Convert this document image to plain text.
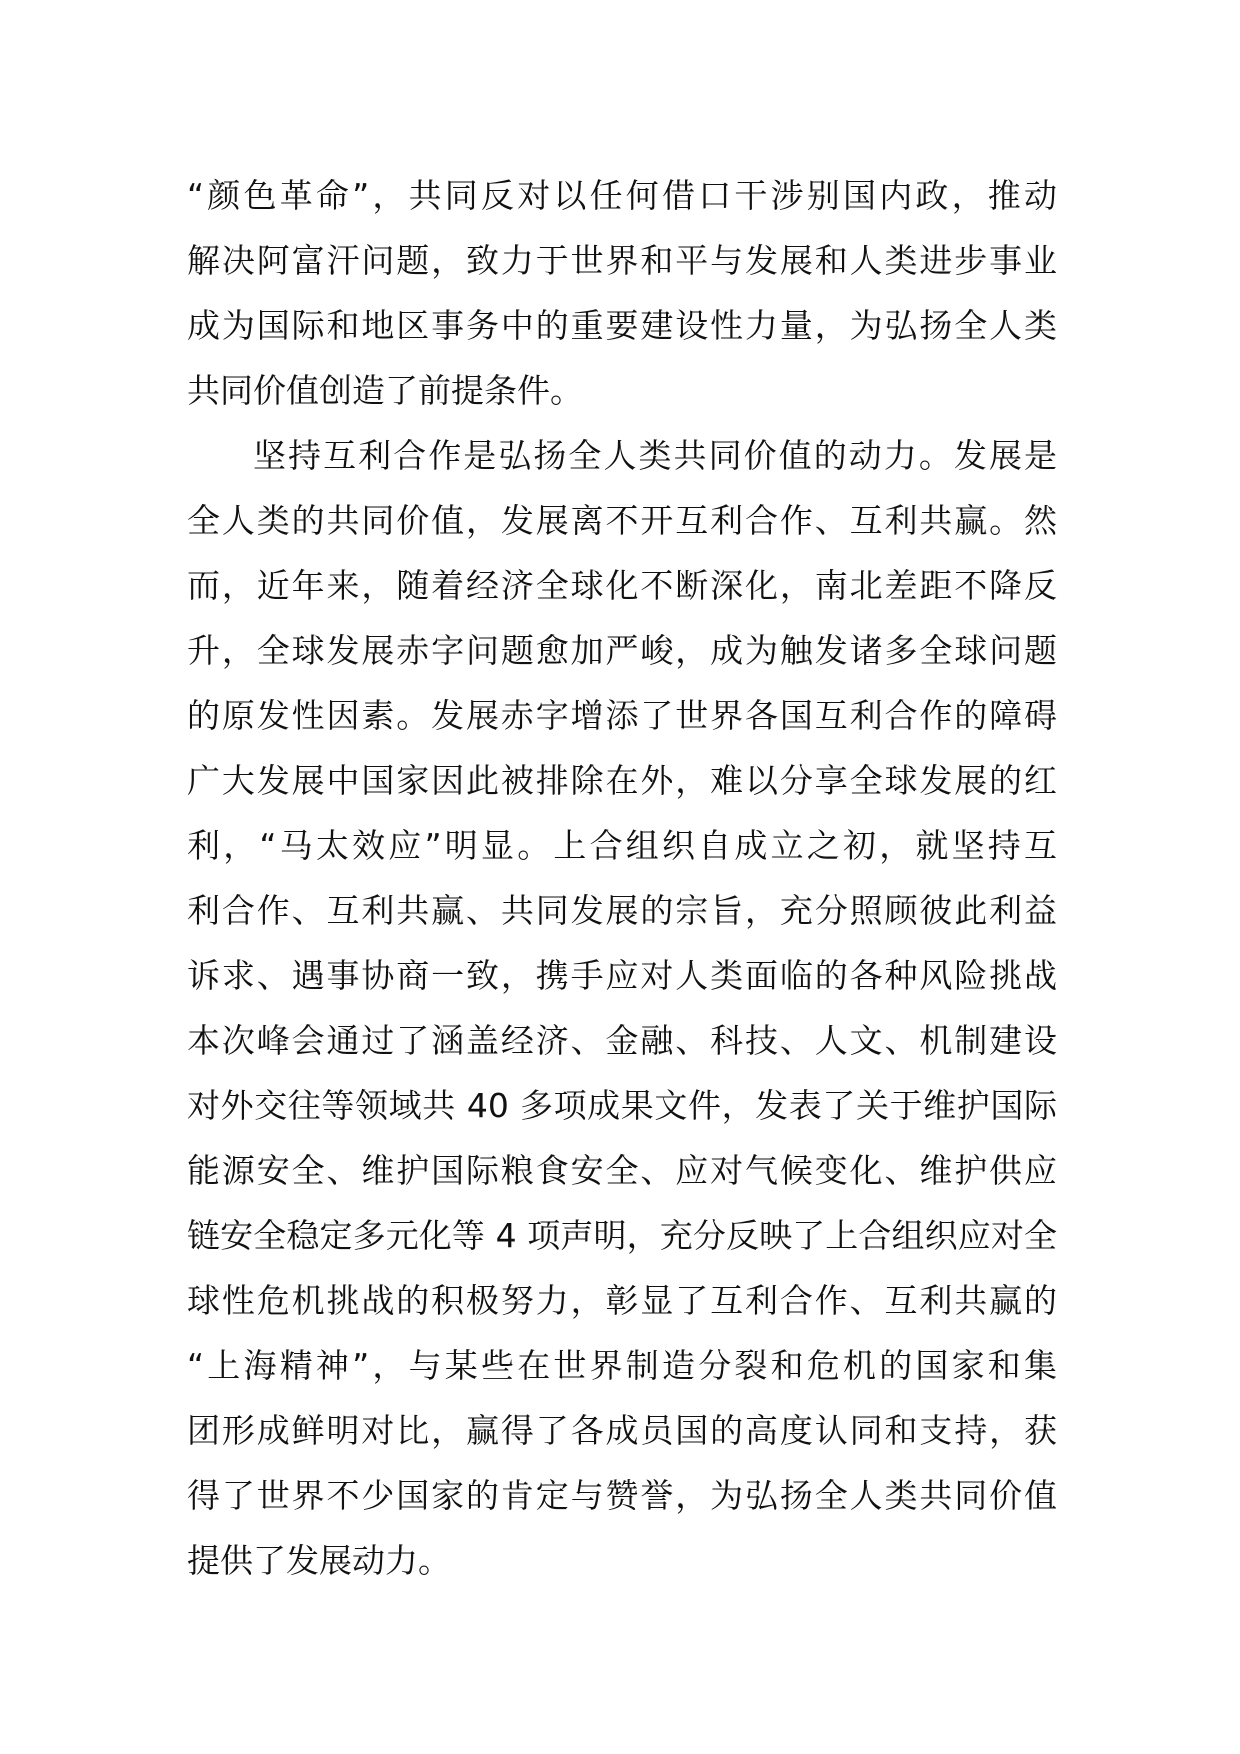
“颜色革命”，共同反对以任何借口干涉别国内政，推动
解决阿富汗问题，致力于世界和平与发展和人类进步事业
成为国际和地区事务中的重要建设性力量，为弘扬全人类
共同价值创造了前提条件。
坚持互利合作是弘扬全人类共同价值的动力。发展是
全人类的共同价值，发展离不开互利合作、互利共赢。然
而，近年来，随着经济全球化不断深化，南北差距不降反
升，全球发展赤字问题愈加严峻，成为触发诸多全球问题
的原发性因素。发展赤字增添了世界各国互利合作的障碍
广大发展中国家因此被排除在外，难以分享全球发展的红
利，“马太效应”明显。上合组织自成立之初，就坚持互
利合作、互利共赢、共同发展的宗旨，充分照顾彼此利益
诉求、遇事协商一致，携手应对人类面临的各种风险挑战
本次峰会通过了涵盖经济、金融、科技、人文、机制建设
对外交往等领域共 40 多项成果文件，发表了关于维护国际
能源安全、维护国际粮食安全、应对气候变化、维护供应
链安全稳定多元化等 4 项声明，充分反映了上合组织应对全
球性危机挑战的积极努力，彰显了互利合作、互利共赢的
“上海精神”，与某些在世界制造分裂和危机的国家和集
团形成鲜明对比，赢得了各成员国的高度认同和支持，获
得了世界不少国家的肯定与赞誉，为弘扬全人类共同价值
提供了发展动力。
